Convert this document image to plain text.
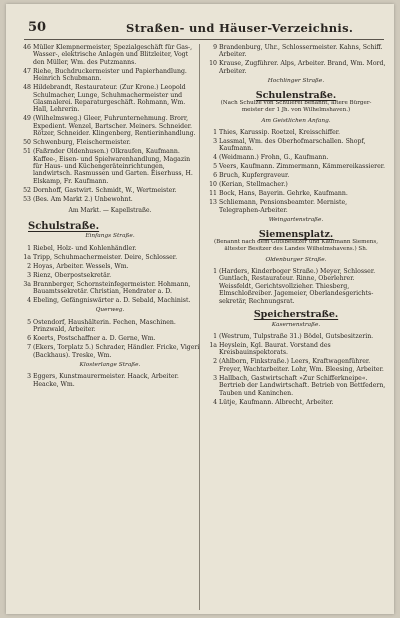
50	Straßen- und Häuser-Verzeichnis.
46 Müller Klempnermeister, Spezialgeschäft für Gas-, Wasser-, elektrische Anlagen und Blitzleiter, Vogt den Müller, Wm. des Putzmanns.
47 Riehe, Buchdruckermeister und Papierhandlung. Heinrich Schubmann.
48 Hildebrandt, Restaurateur. (Zur Krone.) Leopold Schulmacher, Lunge, Schuhmachermeister und Glasmalerei. Reparaturgeschäft. Rohmann, Wm. Hall, Lehrerin.
49 (Wilhelmsweg.) Gleer, Fuhrunternehmung. Brorr, Expedient. Wenzel, Bartscher. Meiners. Schneider. Rötzer, Schneider. Klingenberg, Rentierinhandlung.
50 Schwenburg, Fleischermeister.
51 (Faßrnder Oldenhusen.) Olkraufen, Kaufmann. Kaffee-, Eisen- und Spielwarenhandlung, Magazin für Haus- und Küchengeräteinrichtungen, landwirtsch. Rasmussen und Garten. Eiserhuss, H. Elskamp, Fr. Kaufmann.
52 Dornhoff, Gastwirt. Schmidt, W., Wertmeister.
53 (Bes. Am Markt 2.) Unbewohnt.
Am Markt. — Kapellstraße.
Schulstraße.
Einfangs Straße.
1 Riebel, Holz- und Kohlenhändler.
1a Tripp, Schuhmachermeister. Deire, Schlosser.
2 Hoyas, Arbeiter. Wessels, Wm.
3 Rienz, Oberpostsekretär.
3a Brannberger, Schornsteinfegermeister. Hohmann, Bauamtssekretär. Christian, Hendrater a. D.
4 Ebeling, Gefängniswärter a. D. Sebald, Machinist.
Querweg.
5 Ostendorf, Haushälterin. Fechen, Maschinen. Prinzwald, Arbeiter.
6 Koerts, Postschaffner a. D. Gerne, Wm.
7 (Ekers, Torplatz 5.) Schrader, Händler. Fricke, Vigeri (Backhaus). Treske, Wm.
Klosterlange Straße.
3 Eggers, Kunstmaurermeister. Haack, Arbeiter. Heacke, Wm.
9 Brandenburg, Uhr., Schlossermeister. Kahns, Schiff. Arbeiter.
10 Krause, Zugführer. Alps, Arbeiter. Brand, Wm. Mord, Arbeiter.
Hochlinger Straße.
Schulenstraße.
(Nach Schulze von Schulerei benannt, ältere Bürgermeister der 1 Jh. von Wilhelmshaven.)
Am Geistlichen Anfang.
1 Thies, Karussip. Roetzel, Kreisschiffer.
3 Lassmal, Wm. des Oberhofmarschallen. Shopf, Kaufmann.
4 (Weidmann.) Frohn, G., Kaufmann.
5 Veers, Kaufmann. Zimmermann, Kämmereikassierer.
6 Bruch, Kupfergraveur.
10 (Kerian, Stellmacher.)
11 Bock, Hans, Bayerin. Gehrke, Kaufmann.
13 Schliemann, Pensionsbeamter. Merniste, Telegraphen-Arbeiter.
Weingartenstraße.
Siemensplatz.
(Benannt nach dem Gutsbesitzer und Kaufmann Siemens, ältester Besitzer des Landes Wilhelmshavens.) Sh.
Oldenburger Straße.
1 (Harders, Kinderboger Straße.) Meyer, Schlosser. Guntlach, Restaurateur. Rinne, Oberlehrer. Weissfeldt, Gerichtsvollzieher. Thiesberg, Elmschloßreiber. Jagemeier, Oberlandesgerichtssekretär, Rechnungsrat.
Speicherstraße.
Kasernenstraße.
1 (Westrum, Tulpstraße 31.) Bödel, Gutsbesitzerin.
1a Heyslein, Kgl. Baurat. Vorstand des Kreisbauinspektorats.
2 (Ahlborn, Finkstraße.) Leers, Kraftwagenführer. Freyer, Wachtarbeiter. Lohr, Wm. Bleesing, Arbeiter.
3 Hallbach, Gastwirtschaft »Zur Schifferkneipe«. Bertrieb der Landwirtschaft. Betrieb von Bettfedern, Tauben und Kaninchen.
4 Lütje, Kaufmann. Albrecht, Arbeiter.
